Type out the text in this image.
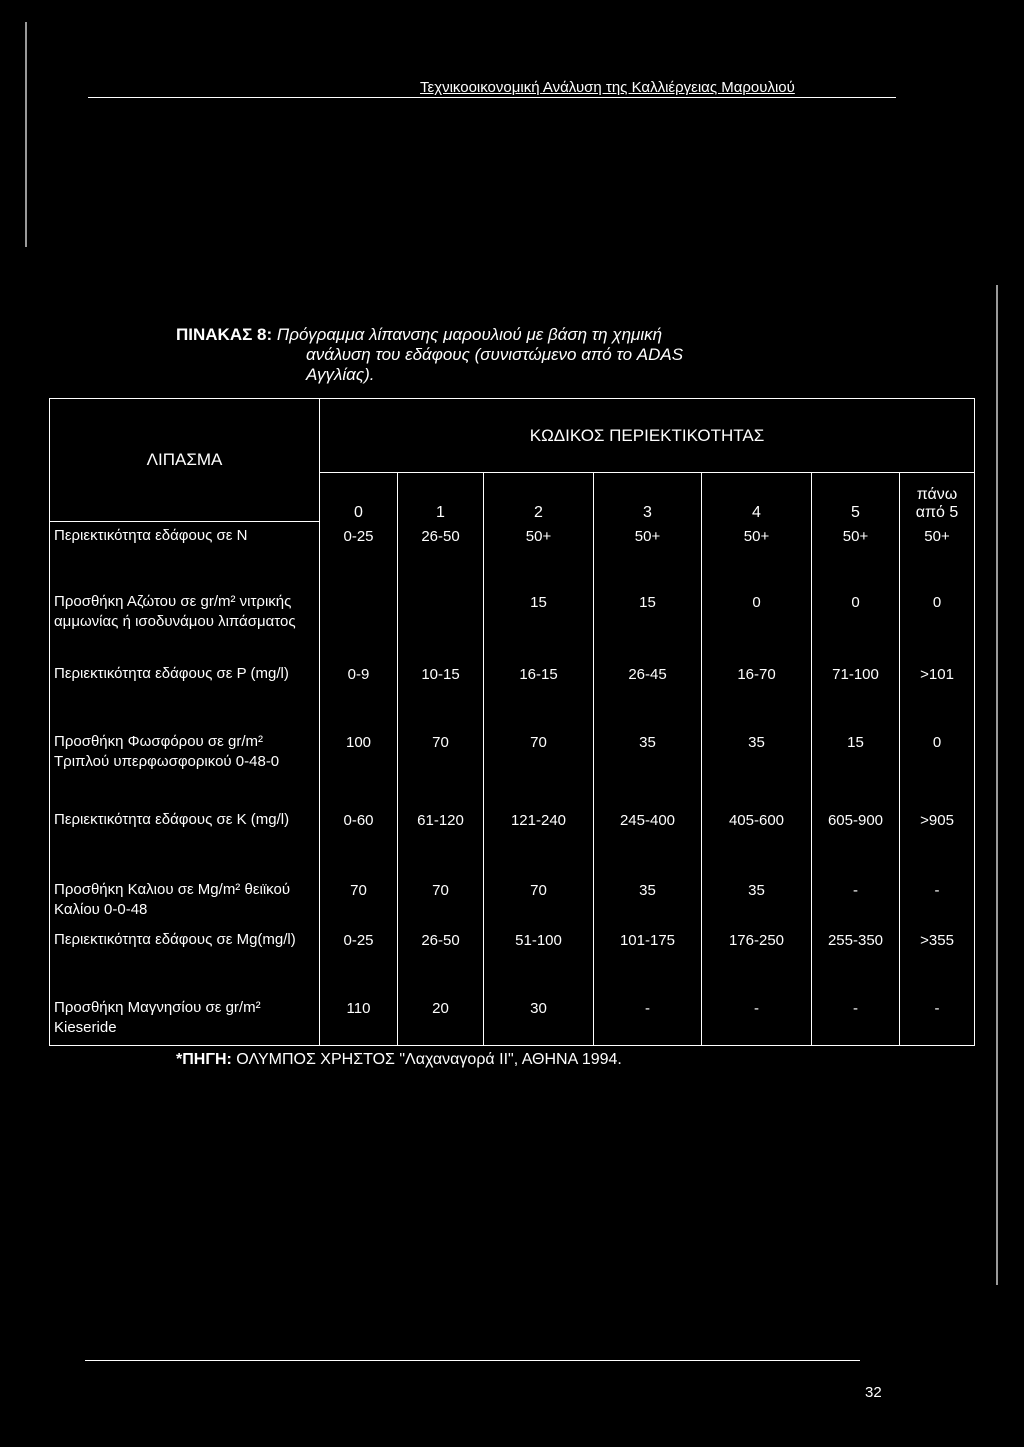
Τεχνικοοικονομική Ανάλυση της Καλλιέργειας Μαρουλιού
ΠΙΝΑΚΑΣ 8: Πρόγραμμα λίπανσης μαρουλιού με βάση τη χημική
ανάλυση του εδάφους (συνιστώμενο από το ADAS
Αγγλίας).
ΛΙΠΑΣΜΑ	ΚΩΔΙΚΟΣ ΠΕΡΙΕΚΤΙΚΟΤΗΤΑΣ						
	0	1	2	3	4	5	πάνω από 5
Περιεκτικότητα εδάφους σε N	0-25	26-50	50+	50+	50+	50+	50+
Προσθήκη Αζώτου σε gr/m² νιτρικής αμμωνίας ή ισοδυνάμου λιπάσματος			15	15	0	0	0
Περιεκτικότητα εδάφους σε P (mg/l)	0-9	10-15	16-15	26-45	16-70	71-100	>101
Προσθήκη Φωσφόρου σε gr/m² Τριπλού υπερφωσφορικού 0-48-0	100	70	70	35	35	15	0
Περιεκτικότητα εδάφους σε K (mg/l)	0-60	61-120	121-240	245-400	405-600	605-900	>905
Προσθήκη Καλιου σε Mg/m² θειϊκού Καλίου 0-0-48	70	70	70	35	35	-	-
Περιεκτικότητα εδάφους σε Mg(mg/l)	0-25	26-50	51-100	101-175	176-250	255-350	>355
Προσθήκη Μαγνησίου σε gr/m² Kieseride	110	20	30	-	-	-	-
*ΠΗΓΗ: ΟΛΥΜΠΟΣ ΧΡΗΣΤΟΣ "Λαχαναγορά ΙΙ", ΑΘΗΝΑ 1994.
32
